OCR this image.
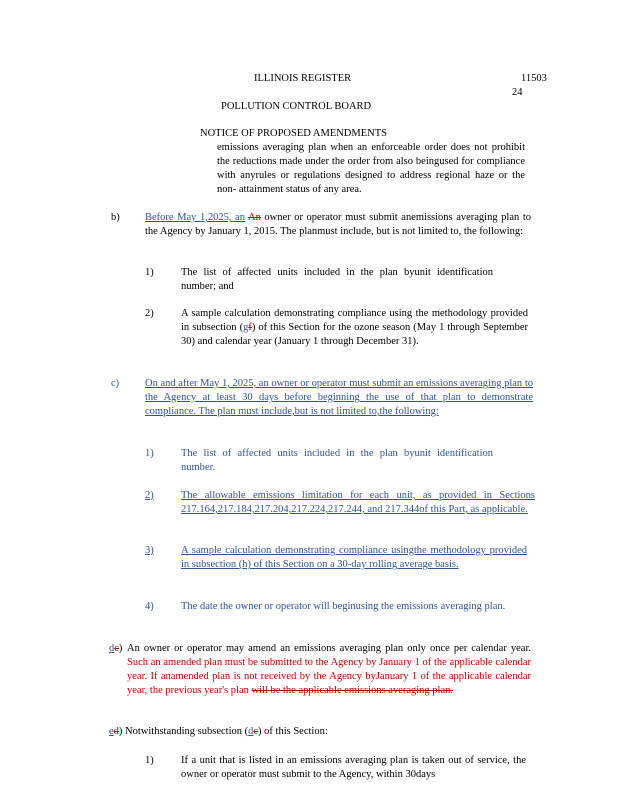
ILLINOIS REGISTER	11503
24
POLLUTION CONTROL BOARD
NOTICE OF PROPOSED AMENDMENTS
emissions averaging plan when an enforceable order does not prohibit the reductions made under the order from also beingused for compliance with anyrules or regulations designed to address regional haze or the non- attainment status of any area.
b) Before May 1,2025, an An owner or operator must submit anemissions averaging plan to the Agency by January 1, 2015. The planmust include, but is not limited to, the following:
1)	The list of affected units included in the plan byunit identification number; and
2)	A sample calculation demonstrating compliance using the methodology provided in subsection (gf) of this Section for the ozone season (May 1 through September 30) and calendar year (January 1 through December 31).
c) On and after May 1, 2025, an owner or operator must submit an emissions averaging plan to the Agency at least 30 days before beginning the use of that plan to demonstrate compliance. The plan must include,but is not limited to,the following:
1)	The list of affected units included in the plan byunit identification number.
2)	The allowable emissions limitation for each unit, as provided in Sections 217.164,217.184,217.204,217.224,217.244, and 217.344of this Part, as applicable.
3)	A sample calculation demonstrating compliance usingthe methodology provided in subsection (h) of this Section on a 30-day rolling average basis.
4)	The date the owner or operator will beginusing the emissions averaging plan.
dc) An owner or operator may amend an emissions averaging plan only once per calendar year. Such an amended plan must be submitted to the Agency by January 1 of the applicable calendar year. If anamended plan is not received by the Agency byJanuary 1 of the applicable calendar year, the previous year's plan will be the applicable emissions averaging plan.
ed) Notwithstanding subsection (dc) of this Section:
1)	If a unit that is listed in an emissions averaging plan is taken out of service, the owner or operator must submit to the Agency, within 30days
